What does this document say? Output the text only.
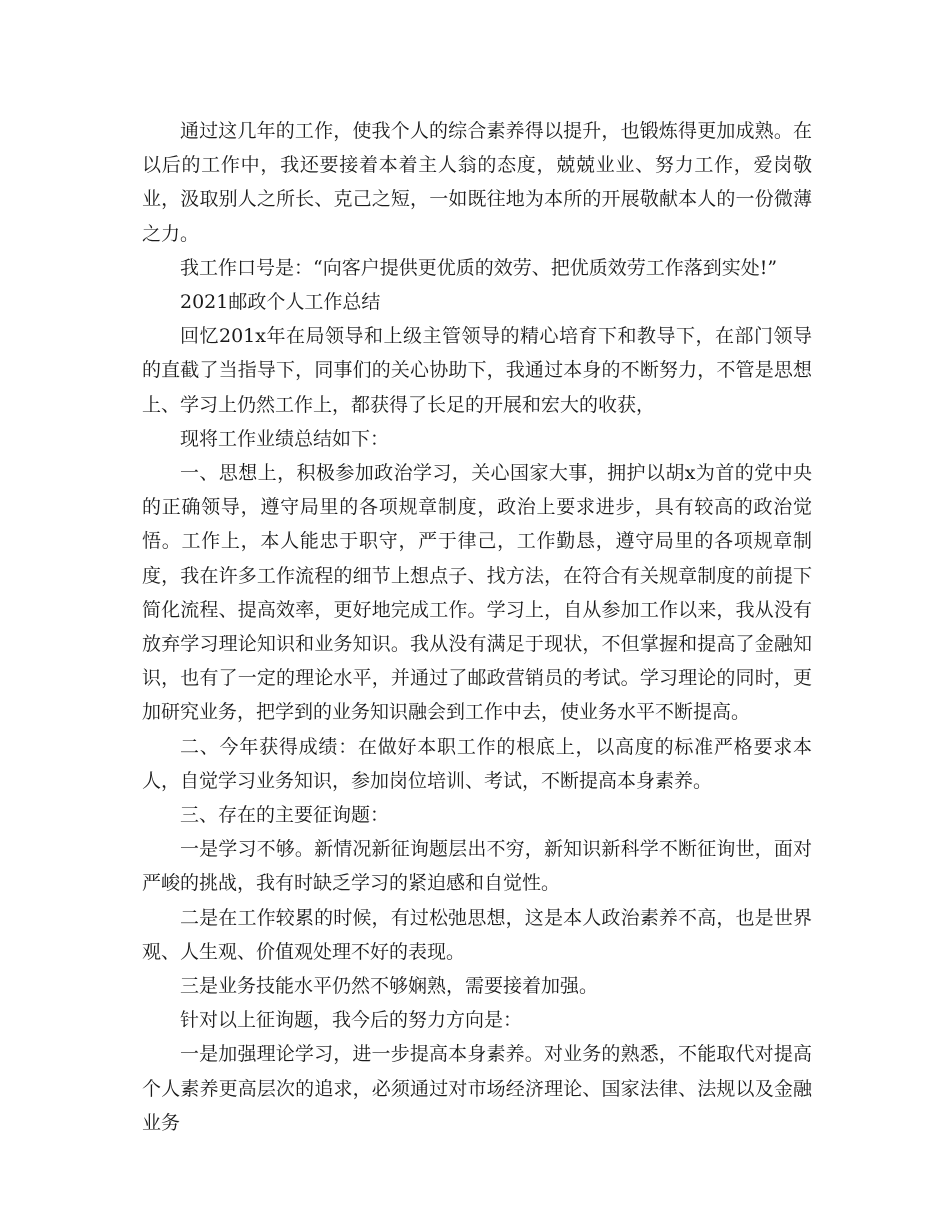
通过这几年的工作，使我个人的综合素养得以提升，也锻炼得更加成熟。在以后的工作中，我还要接着本着主人翁的态度，兢兢业业、努力工作，爱岗敬业，汲取别人之所长、克己之短，一如既往地为本所的开展敬献本人的一份微薄之力。

我工作口号是：“向客户提供更优质的效劳、把优质效劳工作落到实处!”

2021邮政个人工作总结

回忆201x年在局领导和上级主管领导的精心培育下和教导下，在部门领导的直截了当指导下，同事们的关心协助下，我通过本身的不断努力，不管是思想上、学习上仍然工作上，都获得了长足的开展和宏大的收获，

现将工作业绩总结如下：

一、思想上，积极参加政治学习，关心国家大事，拥护以胡x为首的党中央的正确领导，遵守局里的各项规章制度，政治上要求进步，具有较高的政治觉悟。工作上，本人能忠于职守，严于律己，工作勤恳，遵守局里的各项规章制度，我在许多工作流程的细节上想点子、找方法，在符合有关规章制度的前提下简化流程、提高效率，更好地完成工作。学习上，自从参加工作以来，我从没有放弃学习理论知识和业务知识。我从没有满足于现状，不但掌握和提高了金融知识，也有了一定的理论水平，并通过了邮政营销员的考试。学习理论的同时，更加研究业务，把学到的业务知识融会到工作中去，使业务水平不断提高。

二、今年获得成绩：在做好本职工作的根底上，以高度的标准严格要求本人，自觉学习业务知识，参加岗位培训、考试，不断提高本身素养。

三、存在的主要征询题：

一是学习不够。新情况新征询题层出不穷，新知识新科学不断征询世，面对严峻的挑战，我有时缺乏学习的紧迫感和自觉性。

二是在工作较累的时候，有过松弛思想，这是本人政治素养不高，也是世界观、人生观、价值观处理不好的表现。

三是业务技能水平仍然不够娴熟，需要接着加强。

针对以上征询题，我今后的努力方向是：

一是加强理论学习，进一步提高本身素养。对业务的熟悉，不能取代对提高个人素养更高层次的追求，必须通过对市场经济理论、国家法律、法规以及金融业务
